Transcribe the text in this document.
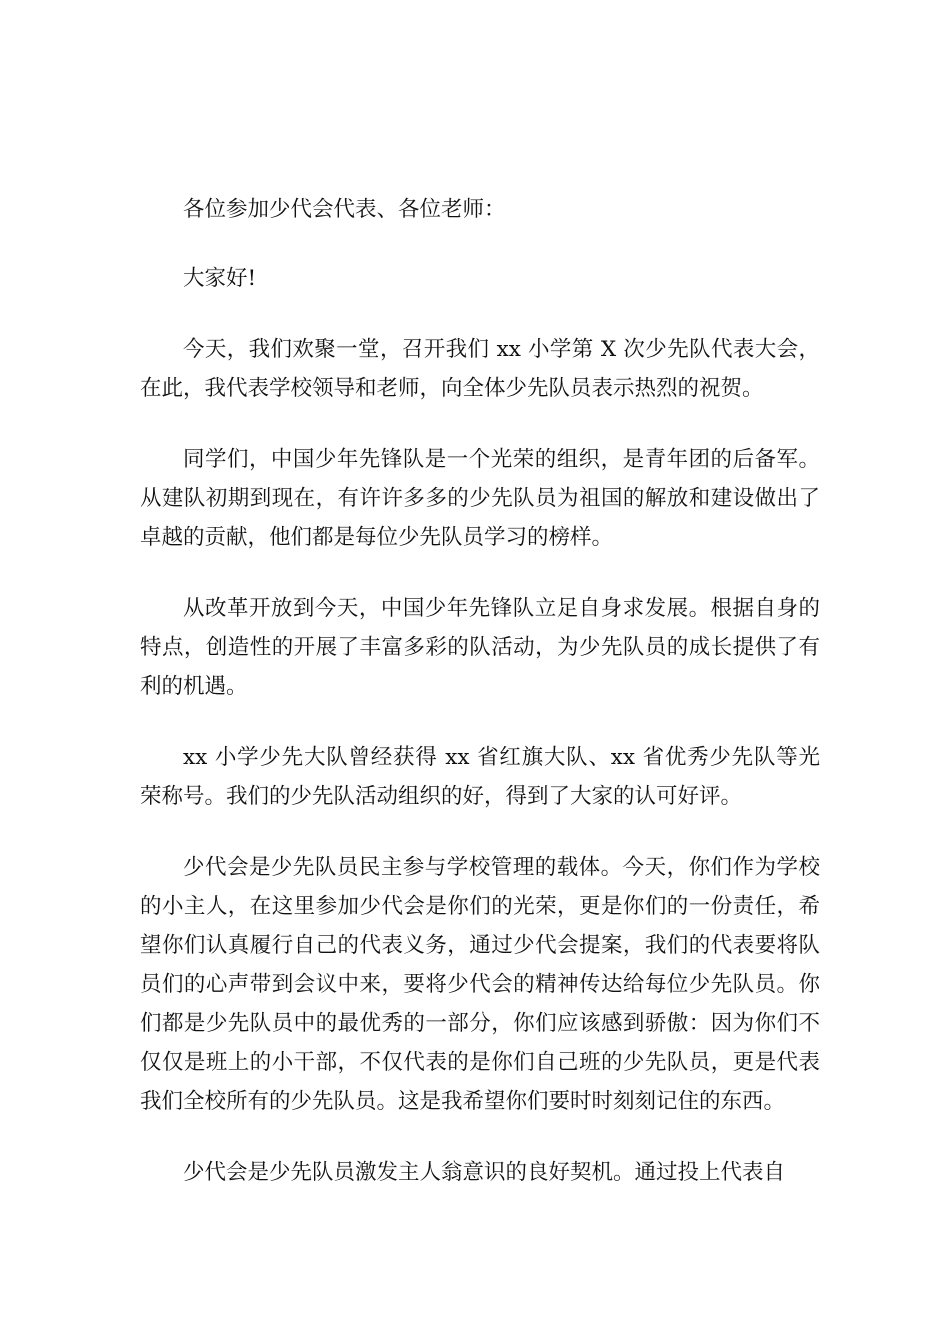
各位参加少代会代表、各位老师：

大家好!

今天，我们欢聚一堂，召开我们 xx 小学第 X 次少先队代表大会，在此，我代表学校领导和老师，向全体少先队员表示热烈的祝贺。

同学们，中国少年先锋队是一个光荣的组织，是青年团的后备军。从建队初期到现在，有许许多多的少先队员为祖国的解放和建设做出了卓越的贡献，他们都是每位少先队员学习的榜样。

从改革开放到今天，中国少年先锋队立足自身求发展。根据自身的特点，创造性的开展了丰富多彩的队活动，为少先队员的成长提供了有利的机遇。

xx 小学少先大队曾经获得 xx 省红旗大队、xx 省优秀少先队等光荣称号。我们的少先队活动组织的好，得到了大家的认可好评。

少代会是少先队员民主参与学校管理的载体。今天，你们作为学校的小主人，在这里参加少代会是你们的光荣，更是你们的一份责任，希望你们认真履行自己的代表义务，通过少代会提案，我们的代表要将队员们的心声带到会议中来，要将少代会的精神传达给每位少先队员。你们都是少先队员中的最优秀的一部分，你们应该感到骄傲：因为你们不仅仅是班上的小干部，不仅代表的是你们自己班的少先队员，更是代表我们全校所有的少先队员。这是我希望你们要时时刻刻记住的东西。

少代会是少先队员激发主人翁意识的良好契机。通过投上代表自
